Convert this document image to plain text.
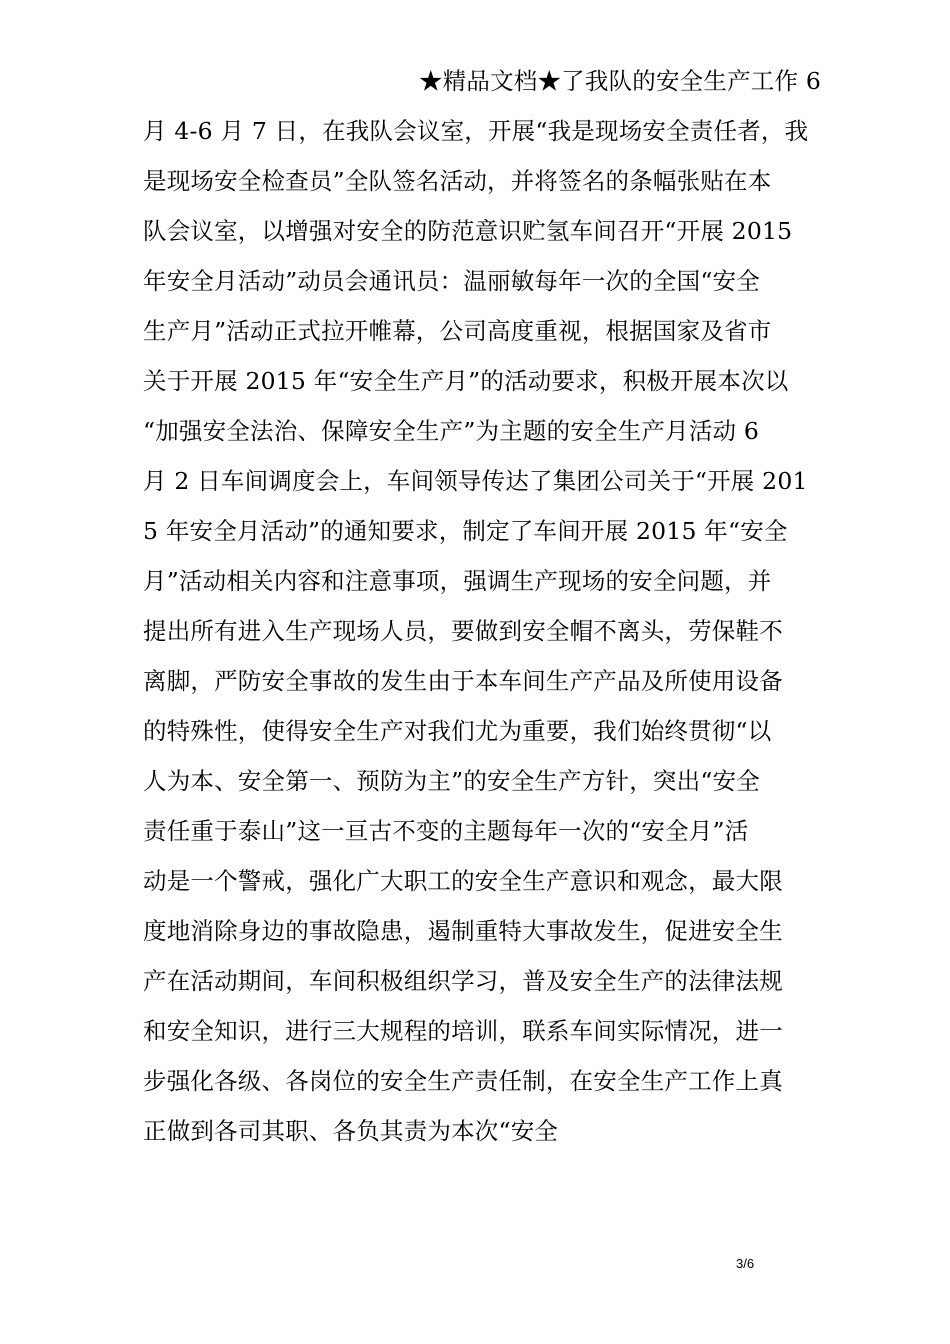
★精品文档★了我队的安全生产工作 6
月 4-6 月 7 日，在我队会议室，开展“我是现场安全责任者，我
是现场安全检查员”全队签名活动，并将签名的条幅张贴在本
队会议室，以增强对安全的防范意识贮氢车间召开“开展 2015
年安全月活动”动员会通讯员：温丽敏每年一次的全国“安全
生产月”活动正式拉开帷幕，公司高度重视，根据国家及省市
关于开展 2015 年“安全生产月”的活动要求，积极开展本次以
“加强安全法治、保障安全生产”为主题的安全生产月活动 6
月 2 日车间调度会上，车间领导传达了集团公司关于“开展 201
5 年安全月活动”的通知要求，制定了车间开展 2015 年“安全
月”活动相关内容和注意事项，强调生产现场的安全问题，并
提出所有进入生产现场人员，要做到安全帽不离头，劳保鞋不
离脚，严防安全事故的发生由于本车间生产产品及所使用设备
的特殊性，使得安全生产对我们尤为重要，我们始终贯彻“以
人为本、安全第一、预防为主”的安全生产方针，突出“安全
责任重于泰山”这一亘古不变的主题每年一次的“安全月”活
动是一个警戒，强化广大职工的安全生产意识和观念，最大限
度地消除身边的事故隐患，遏制重特大事故发生，促进安全生
产在活动期间，车间积极组织学习，普及安全生产的法律法规
和安全知识，进行三大规程的培训，联系车间实际情况，进一
步强化各级、各岗位的安全生产责任制，在安全生产工作上真
正做到各司其职、各负其责为本次“安全
3/6
